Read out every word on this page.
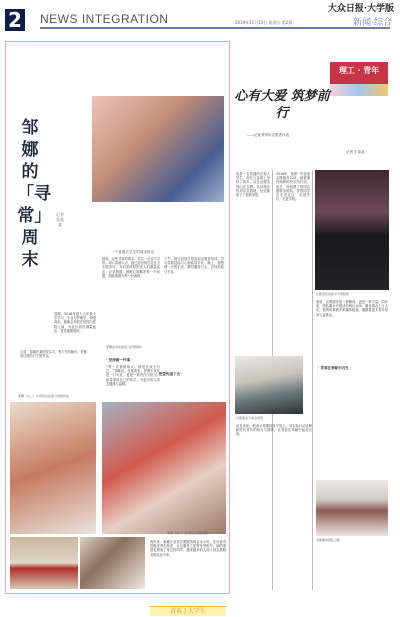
2 NEWS INTEGRATION
大众日报·大学版
2019年11月15日 星期五 第2版	新闻·综合
邹娜的「寻常」周末
记者 张某某
一个普通大学生的周末时光
她说，这些寻常的周末，其实一点也不寻常。周六清晨六点，她已经出现在社区卫生服务站，为前来体检的老人们测量血压、记录数据。她耐心地解答每一个问题，细致地填写每一份表格。
下午，她又赶回学校参加志愿者培训，学习急救技能与心理疏导方法。晚上，她整理一天的记录，撰写服务日志，总结经验与不足。
邹娜，2018年进入山东某大学学习，专业为护理学。每逢周末，她都会奔波在校园与医院之间，为社区居民测量血压、普及健康知识。
目前，邹娜在某医院实习，每天早出晚归，但她说这样的日子很充实。
邹娜在实验室练习护理操作
· 坚持做一件事 ·
“每一次帮助别人，都是在成长自己。”邹娜说。在她看来，护理不仅仅是一门专业，更是一种责任与担当。她希望用自己的所学，为更多的人带去健康与温暖。
邹娜（左二）与同学们在练习急救技能
· 把爱传递下去 ·
邹娜（右一）在社区为居民服务
两年来，她累计参加志愿服务四百余小时，先后获得校级优秀志愿者、社区服务之星等荣誉称号。她的事迹也感染了身边的同学，越来越多的人加入到志愿服务的队伍中来。
青春 | 大学生
理工 · 青年
心有大爱 筑梦前行
——记优秀青年志愿者代表
记者 王某某
他是一名普通的在校大学生，却在公益路上坚持了四年。从社区服务到山区支教，从环保宣传到应急救援，处处都留下了他的身影。
2016年，他第一次参加志愿服务活动，就被那份纯粹的快乐所打动。此后，他组建了校园志愿服务团队，带领同学们走进社区、走进乡村、走进学校。
志愿者在讲座中分享经验
他说，志愿服务是一种精神，更是一种力量。四年来，团队累计开展活动两百余场，服务群众上万人次。他的故事被多家媒体报道，激励着更多青年投身公益事业。
志愿服务分享会现场
· 青春在奉献中闪光 ·
谈及未来，他表示将继续坚守初心，用实际行动诠释新时代青年的担当与情怀，让青春在奉献中绽放光彩。
志愿服务团队合影
